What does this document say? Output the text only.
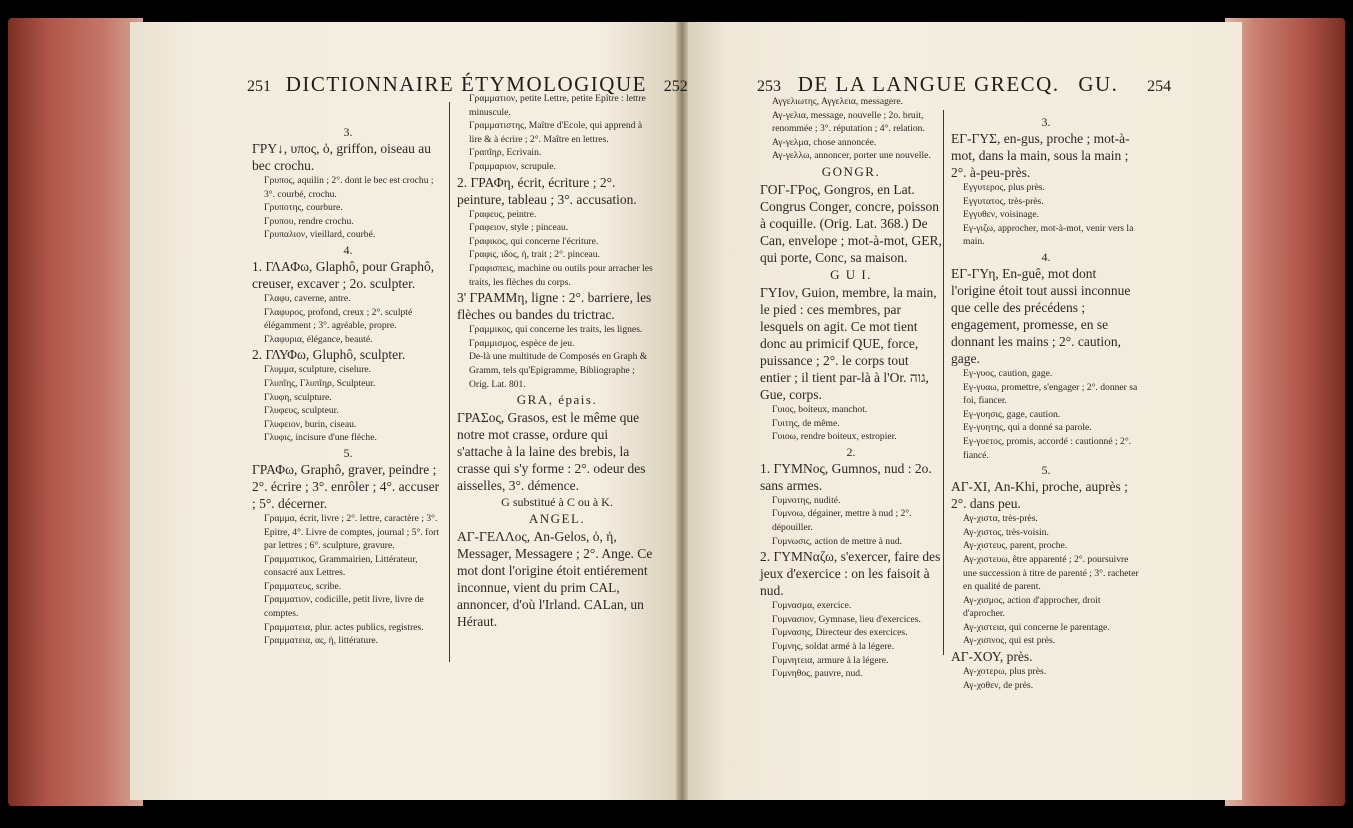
251 DICTIONNAIRE ÉTYMOLOGIQUE 252	253 DE LA LANGUE GRECQ. GU. 254

3.

ΓΡΥ↓, υπος, ὁ, griffon, oiseau au bec crochu.

Γρυπος, aquilin ; 2°. dont le bec est crochu ; 3°. courbé, crochu.

Γρυποτης, courbure.

Γρυπου, rendre crochu.

Γρυπαλιον, vieillard, courbé.

4.

1. ΓΛΑΦω, Glaphô, pour Graphô, creuser, excaver ; 2o. sculpter.

Γλαφυ, caverne, antre.

Γλαφυρος, profond, creux ; 2°. sculpté élégamment ; 3°. agréable, propre.

Γλαφυρια, élégance, beauté.

2. ΓΛΥΦω, Gluphô, sculpter.

Γλυμμα, sculpture, ciselure.

Γλυπῖης, Γλυπῖηρ, Sculpteur.

Γλυφη, sculpture.

Γλυφευς, sculpteur.

Γλυφειον, burin, ciseau.

Γλυφις, incisure d'une flèche.

5.

ΓΡΑΦω, Graphô, graver, peindre ; 2°. écrire ; 3°. enrôler ; 4°. accuser ; 5°. décerner.

Γραμμα, écrit, livre ; 2°. lettre, caractère ; 3°. Epitre, 4°. Livre de comptes, journal ; 5°. fort par lettres ; 6°. sculpture, gravure.

Γραμματικος, Grammairien, Littérateur, consacré aux Lettres.

Γραμματευς, scribe.

Γραμματιον, codicille, petit livre, livre de comptes.

Γραμματεια, plur. actes publics, registres.

Γραμματεια, ας, ἡ, littérature.

Γραμματιον, petite Lettre, petite Epître : lettre minuscule.

Γραμματιστης, Maître d'Ecole, qui apprend à lire & à écrire ; 2°. Maître en lettres.

Γραπῖηρ, Ecrivain.

Γραμμαριον, scrupule.

2. ΓΡΑΦη, écrit, écriture ; 2°. peinture, tableau ; 3°. accusation.

Γραφευς, peintre.

Γραφειον, style ; pinceau.

Γραφικος, qui concerne l'écriture.

Γραφις, ιδος, ἡ, trait ; 2°. pinceau.

Γραφισπεις, machine ou outils pour arracher les traits, les flèches du corps.

3' ΓΡΑΜΜη, ligne : 2°. barriere, les flèches ou bandes du trictrac.

Γραμμικος, qui concerne les traits, les lignes.

Γραμμισμος, espèce de jeu.

De-là une multitude de Composés en Graph & Gramm, tels qu'Epigramme, Bibliographe ; Orig. Lat. 801.

GRA, épais.

ΓΡΑΣος, Grasos, est le même que notre mot crasse, ordure qui s'attache à la laine des brebis, la crasse qui s'y forme : 2°. odeur des aisselles, 3°. démence.

G substitué à C ou à K.

ANGEL.

ΑΓ-ΓΕΛΛος, An-Gelos, ὁ, ἡ, Messager, Messagere ; 2°. Ange. Ce mot dont l'origine étoit entiérement inconnue, vient du prim CAL, annoncer, d'où l'Irland. CALan, un Héraut.

Αγγελιωτης, Αγγελεια, messagere.

Αγ-γελια, message, nouvelle ; 2o. bruit, renommée ; 3°. réputation ; 4°. relation.

Αγ-γελμα, chose annoncée.

Αγ-γελλω, annoncer, porter une nouvelle.

GONGR.

ΓΟΓ-ΓΡος, Gongros, en Lat. Congrus Conger, concre, poisson à coquille. (Orig. Lat. 368.) De Can, envelope ; mot-à-mot, GER, qui porte, Conc, sa maison.

G U I.

ΓΥΙον, Guion, membre, la main, le pied : ces membres, par lesquels on agit. Ce mot tient donc au primicif QUE, force, puissance ; 2°. le corps tout entier ; il tient par-là à l'Or. גוה, Gue, corps.

Γυιος, boiteux, manchot.

Γυιτης, de même.

Γυιοω, rendre boiteux, estropier.

2.

1. ΓΥΜΝος, Gumnos, nud : 2o. sans armes.

Γυμνοτης, nudité.

Γυμνοω, dégainer, mettre à nud ; 2°. dépouiller.

Γυμνωσις, action de mettre à nud.

2. ΓΥΜΝαζω, s'exercer, faire des jeux d'exercice : on les faisoit à nud.

Γυμνασμα, exercice.

Γυμνασιον, Gymnase, lieu d'exercices.

Γυμνασης, Directeur des exercices.

Γυμνης, soldat armé à la légere.

Γυμνητεια, armure à la légere.

Γυμνηθος, pauvre, nud.

3.

ΕΓ-ΓΥΣ, en-gus, proche ; mot-à-mot, dans la main, sous la main ; 2°. à-peu-près.

Εγγυτερος, plus près.

Εγγυτατος, très-près.

Εγγυθεν, voisinage.

Εγ-γιζω, approcher, mot-à-mot, venir vers la main.

4.

ΕΓ-ΓΥη, En-guê, mot dont l'origine étoit tout aussi inconnue que celle des précédens ; engagement, promesse, en se donnant les mains ; 2°. caution, gage.

Εγ-γυος, caution, gage.

Εγ-γυαω, promettre, s'engager ; 2°. donner sa foi, fiancer.

Εγ-γυησις, gage, caution.

Εγ-γυητης, qui a donné sa parole.

Εγ-γυετος, promis, accordé : cautionné ; 2°. fiancé.

5.

ΑΓ-ΧΙ, An-Khi, proche, auprès ; 2°. dans peu.

Αγ-χιστα, très-près.

Αγ-χιστος, très-voisin.

Αγ-χιστευς, parent, proche.

Αγ-χιστευω, être apparenté ; 2°. poursuivre une succession à titre de parenté ; 3°. racheter en qualité de parent.

Αγ-χισμος, action d'approcher, droit d'aprocher.

Αγ-χιστεια, qui concerne le parentage.

Αγ-χισινος, qui est près.

ΑΓ-ΧΟΥ, près.

Αγ-χοτερω, plus près.

Αγ-χοθεν, de près.
